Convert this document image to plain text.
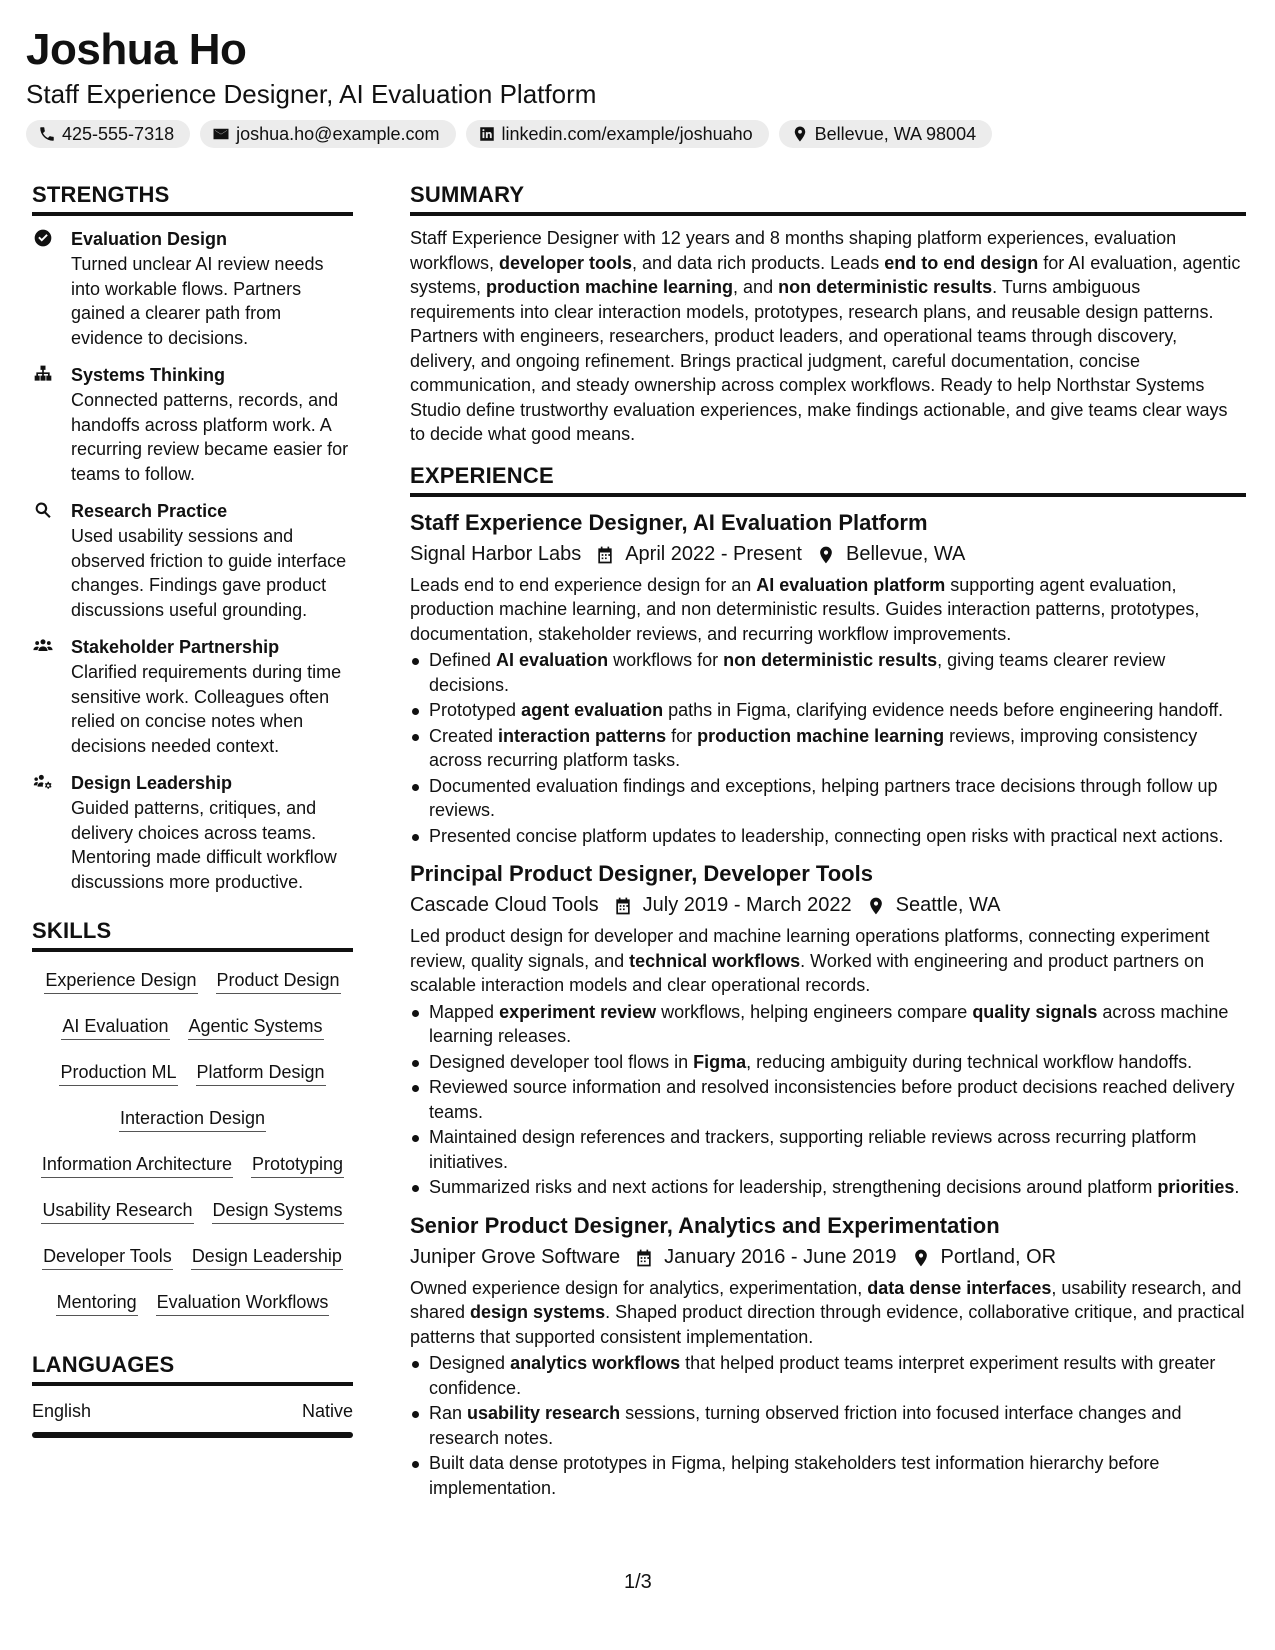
Joshua Ho
Staff Experience Designer, AI Evaluation Platform
425-555-7318	joshua.ho@example.com	linkedin.com/example/joshuaho	Bellevue, WA 98004
STRENGTHS
Evaluation Design
Turned unclear AI review needs into workable flows. Partners gained a clearer path from evidence to decisions.
Systems Thinking
Connected patterns, records, and handoffs across platform work. A recurring review became easier for teams to follow.
Research Practice
Used usability sessions and observed friction to guide interface changes. Findings gave product discussions useful grounding.
Stakeholder Partnership
Clarified requirements during time sensitive work. Colleagues often relied on concise notes when decisions needed context.
Design Leadership
Guided patterns, critiques, and delivery choices across teams. Mentoring made difficult workflow discussions more productive.
SKILLS
Experience Design Product Design
AI Evaluation Agentic Systems
Production ML Platform Design
Interaction Design
Information Architecture Prototyping
Usability Research Design Systems
Developer Tools Design Leadership
Mentoring Evaluation Workflows
LANGUAGES
English	Native
SUMMARY

Staff Experience Designer with 12 years and 8 months shaping platform experiences, evaluation workflows, developer tools, and data rich products. Leads end to end design for AI evaluation, agentic systems, production machine learning, and non deterministic results. Turns ambiguous requirements into clear interaction models, prototypes, research plans, and reusable design patterns. Partners with engineers, researchers, product leaders, and operational teams through discovery, delivery, and ongoing refinement. Brings practical judgment, careful documentation, concise communication, and steady ownership across complex workflows. Ready to help Northstar Systems Studio define trustworthy evaluation experiences, make findings actionable, and give teams clear ways to decide what good means.

EXPERIENCE
Staff Experience Designer, AI Evaluation Platform
Signal Harbor Labs April 2022 - Present Bellevue, WA

Leads end to end experience design for an AI evaluation platform supporting agent evaluation, production machine learning, and non deterministic results. Guides interaction patterns, prototypes, documentation, stakeholder reviews, and recurring workflow improvements.

Defined AI evaluation workflows for non deterministic results, giving teams clearer review decisions.
Prototyped agent evaluation paths in Figma, clarifying evidence needs before engineering handoff.
Created interaction patterns for production machine learning reviews, improving consistency across recurring platform tasks.
Documented evaluation findings and exceptions, helping partners trace decisions through follow up reviews.
Presented concise platform updates to leadership, connecting open risks with practical next actions.
Principal Product Designer, Developer Tools
Cascade Cloud Tools July 2019 - March 2022 Seattle, WA

Led product design for developer and machine learning operations platforms, connecting experiment review, quality signals, and technical workflows. Worked with engineering and product partners on scalable interaction models and clear operational records.

Mapped experiment review workflows, helping engineers compare quality signals across machine learning releases.
Designed developer tool flows in Figma, reducing ambiguity during technical workflow handoffs.
Reviewed source information and resolved inconsistencies before product decisions reached delivery teams.
Maintained design references and trackers, supporting reliable reviews across recurring platform initiatives.
Summarized risks and next actions for leadership, strengthening decisions around platform priorities.
Senior Product Designer, Analytics and Experimentation
Juniper Grove Software January 2016 - June 2019 Portland, OR

Owned experience design for analytics, experimentation, data dense interfaces, usability research, and shared design systems. Shaped product direction through evidence, collaborative critique, and practical patterns that supported consistent implementation.

Designed analytics workflows that helped product teams interpret experiment results with greater confidence.
Ran usability research sessions, turning observed friction into focused interface changes and research notes.
Built data dense prototypes in Figma, helping stakeholders test information hierarchy before implementation.
1/3
